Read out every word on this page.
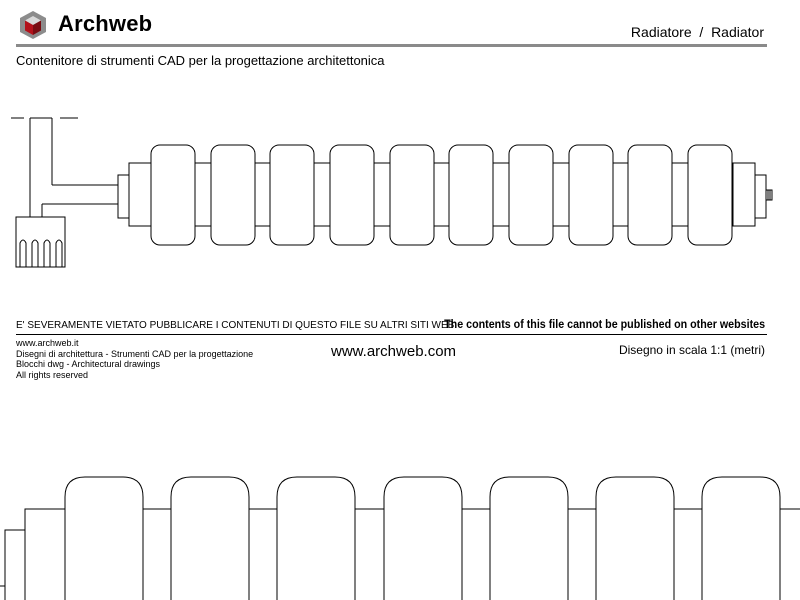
Archweb	Radiatore  /  Radiator
Contenitore di strumenti CAD per la progettazione architettonica
E' SEVERAMENTE VIETATO PUBBLICARE I CONTENUTI DI QUESTO FILE SU ALTRI SITI WEB
The contents of this file cannot be published on other websites
www.archweb.it
Disegni di architettura - Strumenti CAD per la progettazione
Blocchi dwg - Architectural drawings
All rights reserved
www.archweb.com	Disegno in scala 1:1 (metri)
